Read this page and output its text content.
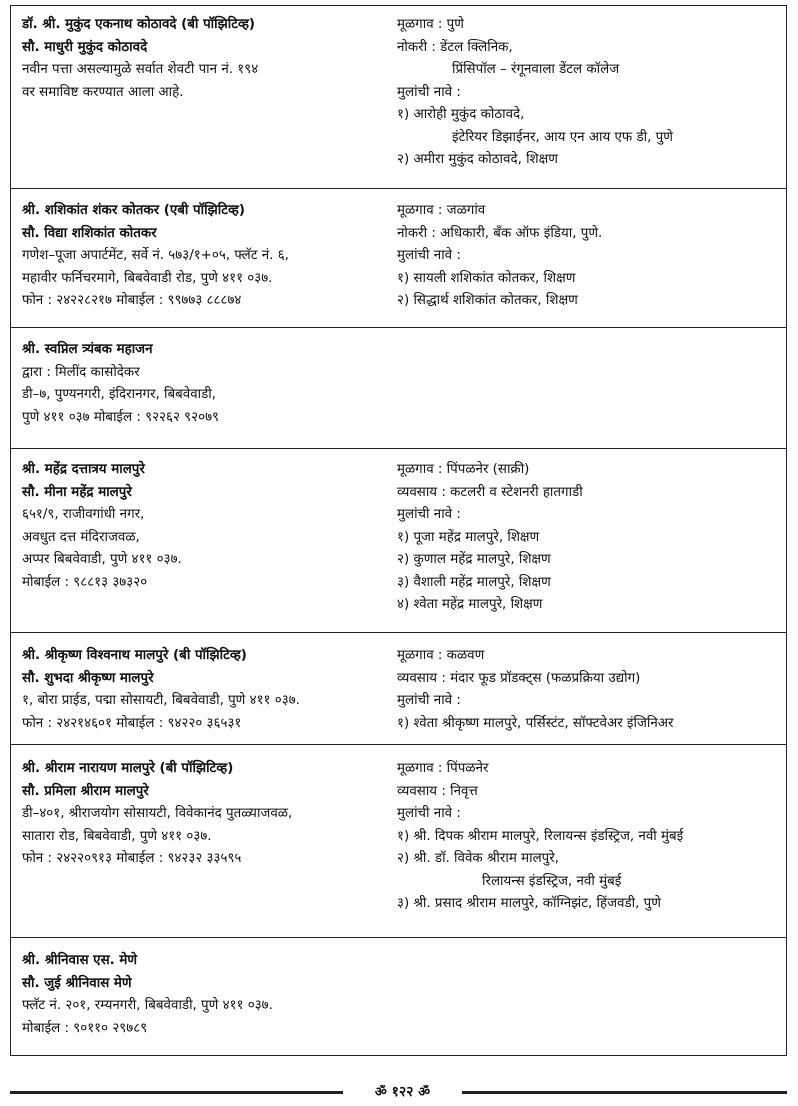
डॉ. श्री. मुकुंद एकनाथ कोठावदे (बी पॉझिटिव्ह)
सौ. माधुरी मुकुंद कोठावदे
नवीन पत्ता असल्यामुळे सर्वात शेवटी पान नं. १९४
वर समाविष्ट करण्यात आला आहे.
मूळगाव : पुणे
नोकरी : डेंटल क्लिनिक,
प्रिंसिपॉल – रंगूनवाला डेंटल कॉलेज
मुलांची नावे :
१) आरोही मुकुंद कोठावदे,
इंटेरियर डिझाईनर, आय एन आय एफ डी, पुणे
२) अमीरा मुकुंद कोठावदे, शिक्षण
श्री. शशिकांत शंकर कोतकर (एबी पॉझिटिव्ह)
सौ. विद्या शशिकांत कोतकर
गणेश–पूजा अपार्टमेंट, सर्वे नं. ५७३/१+०५, फ्लॅट नं. ६,
महावीर फर्निचरमागे, बिबवेवाडी रोड, पुणे ४११ ०३७.
फोन : २४२२८२१७ मोबाईल : ९९७७३ ८८८७४
मूळगाव : जळगांव
नोकरी : अधिकारी, बँक ऑफ इंडिया, पुणे.
मुलांची नावे :
१) सायली शशिकांत कोतकर, शिक्षण
२) सिद्धार्थ शशिकांत कोतकर, शिक्षण
श्री. स्वप्निल त्र्यंबक महाजन
द्वारा : मिलींद कासोदेकर
डी–७, पुण्यनगरी, इंदिरानगर, बिबवेवाडी,
पुणे ४११ ०३७ मोबाईल : ९२२६२ ९२०७९
श्री. महेंद्र दत्तात्रय मालपुरे
सौ. मीना महेंद्र मालपुरे
६५१/९, राजीवगांधी नगर,
अवधुत दत्त मंदिराजवळ,
अप्पर बिबवेवाडी, पुणे ४११ ०३७.
मोबाईल : ९८८१३ ३७३२०
मूळगाव : पिंपळनेर (साक्री)
व्यवसाय : कटलरी व स्टेशनरी हातगाडी
मुलांची नावे :
१) पूजा महेंद्र मालपुरे, शिक्षण
२) कुणाल महेंद्र मालपुरे, शिक्षण
३) वैशाली महेंद्र मालपुरे, शिक्षण
४) श्वेता महेंद्र मालपुरे, शिक्षण
श्री. श्रीकृष्ण विश्वनाथ मालपुरे (बी पॉझिटिव्ह)
सौ. शुभदा श्रीकृष्ण मालपुरे
१, बोरा प्राईड, पद्मा सोसायटी, बिबवेवाडी, पुणे ४११ ०३७.
फोन : २४२१४६०१ मोबाईल : ९४२२० ३६५३१
मूळगाव : कळवण
व्यवसाय : मंदार फूड प्रॉडक्ट्स (फळप्रक्रिया उद्योग)
मुलांची नावे :
१) श्वेता श्रीकृष्ण मालपुरे, पर्सिस्टंट, सॉफ्टवेअर इंजिनिअर
श्री. श्रीराम नारायण मालपुरे (बी पॉझिटिव्ह)
सौ. प्रमिला श्रीराम मालपुरे
डी–४०१, श्रीराजयोग सोसायटी, विवेकानंद पुतळ्याजवळ,
सातारा रोड, बिबवेवाडी, पुणे ४११ ०३७.
फोन : २४२२०९१३ मोबाईल : ९४२३२ ३३५९५
मूळगाव : पिंपळनेर
व्यवसाय : निवृत्त
मुलांची नावे :
१) श्री. दिपक श्रीराम मालपुरे, रिलायन्स इंडस्ट्रिज, नवी मुंबई
२) श्री. डॉ. विवेक श्रीराम मालपुरे,
रिलायन्स इंडस्ट्रिज, नवी मुंबई
३) श्री. प्रसाद श्रीराम मालपुरे, कॉग्निझंट, हिंजवडी, पुणे
श्री. श्रीनिवास एस. मेणे
सौ. जुई श्रीनिवास मेणे
फ्लॅट नं. २०१, रम्यनगरी, बिबवेवाडी, पुणे ४११ ०३७.
मोबाईल : ९०११० २९७८९
ॐ १२२ ॐ
